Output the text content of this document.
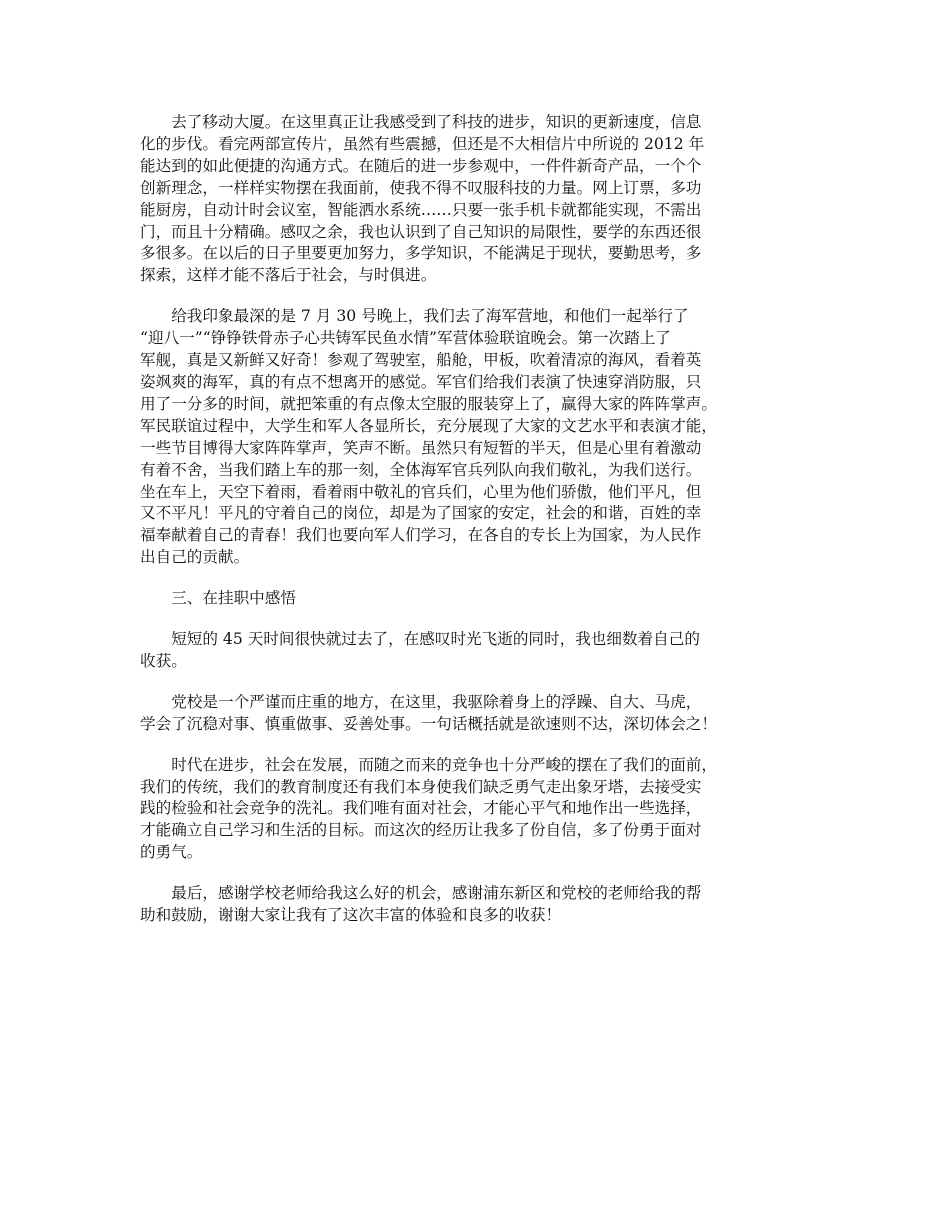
去了移动大厦。在这里真正让我感受到了科技的进步，知识的更新速度，信息
化的步伐。看完两部宣传片，虽然有些震撼，但还是不大相信片中所说的 2012 年
能达到的如此便捷的沟通方式。在随后的进一步参观中，一件件新奇产品，一个个
创新理念，一样样实物摆在我面前，使我不得不叹服科技的力量。网上订票，多功
能厨房，自动计时会议室，智能洒水系统……只要一张手机卡就都能实现，不需出
门，而且十分精确。感叹之余，我也认识到了自己知识的局限性，要学的东西还很
多很多。在以后的日子里要更加努力，多学知识，不能满足于现状，要勤思考，多
探索，这样才能不落后于社会，与时俱进。

给我印象最深的是 7 月 30 号晚上，我们去了海军营地，和他们一起举行了
“迎八一”“铮铮铁骨赤子心共铸军民鱼水情”军营体验联谊晚会。第一次踏上了
军舰，真是又新鲜又好奇！参观了驾驶室，船舱，甲板，吹着清凉的海风，看着英
姿飒爽的海军，真的有点不想离开的感觉。军官们给我们表演了快速穿消防服，只
用了一分多的时间，就把笨重的有点像太空服的服装穿上了，赢得大家的阵阵掌声。
军民联谊过程中，大学生和军人各显所长，充分展现了大家的文艺水平和表演才能，
一些节目博得大家阵阵掌声，笑声不断。虽然只有短暂的半天，但是心里有着激动
有着不舍，当我们踏上车的那一刻，全体海军官兵列队向我们敬礼，为我们送行。
坐在车上，天空下着雨，看着雨中敬礼的官兵们，心里为他们骄傲，他们平凡，但
又不平凡！平凡的守着自己的岗位，却是为了国家的安定，社会的和谐，百姓的幸
福奉献着自己的青春！我们也要向军人们学习，在各自的专长上为国家，为人民作
出自己的贡献。

三、在挂职中感悟

短短的 45 天时间很快就过去了，在感叹时光飞逝的同时，我也细数着自己的
收获。

党校是一个严谨而庄重的地方，在这里，我驱除着身上的浮躁、自大、马虎，
学会了沉稳对事、慎重做事、妥善处事。一句话概括就是欲速则不达，深切体会之！

时代在进步，社会在发展，而随之而来的竞争也十分严峻的摆在了我们的面前，
我们的传统，我们的教育制度还有我们本身使我们缺乏勇气走出象牙塔，去接受实
践的检验和社会竞争的洗礼。我们唯有面对社会，才能心平气和地作出一些选择，
才能确立自己学习和生活的目标。而这次的经历让我多了份自信，多了份勇于面对
的勇气。

最后，感谢学校老师给我这么好的机会，感谢浦东新区和党校的老师给我的帮
助和鼓励，谢谢大家让我有了这次丰富的体验和良多的收获！
